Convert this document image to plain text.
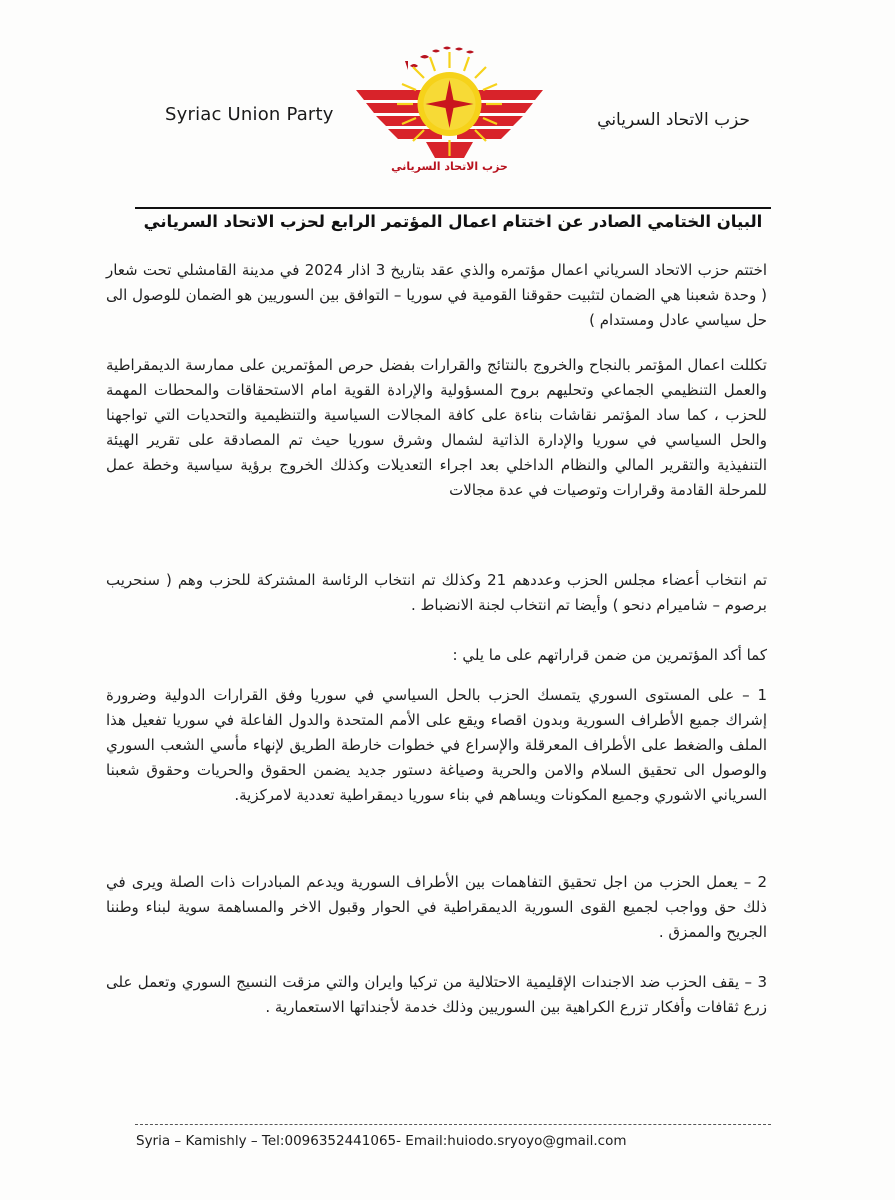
Syriac Union Party
حزب الاتحاد السرياني
حزب الاتحاد السرياني
البيان الختامي الصادر عن اختتام اعمال المؤتمر الرابع لحزب الاتحاد السرياني

اختتم حزب الاتحاد السرياني اعمال مؤتمره والذي عقد بتاريخ 3 اذار 2024 في مدينة القامشلي تحت شعار ( وحدة شعبنا هي الضمان لتثبيت حقوقنا القومية في سوريا – التوافق بين السوريين هو الضمان للوصول الى حل سياسي عادل ومستدام )

تكللت اعمال المؤتمر بالنجاح والخروج بالنتائج والقرارات بفضل حرص المؤتمرين على ممارسة الديمقراطية والعمل التنظيمي الجماعي وتحليهم بروح المسؤولية والإرادة القوية امام الاستحقاقات والمحطات المهمة للحزب ، كما ساد المؤتمر نقاشات بناءة على كافة المجالات السياسية والتنظيمية والتحديات التي تواجهنا والحل السياسي في سوريا والإدارة الذاتية لشمال وشرق سوريا حيث تم المصادقة على تقرير الهيئة التنفيذية والتقرير المالي والنظام الداخلي بعد اجراء التعديلات وكذلك الخروج برؤية سياسية وخطة عمل للمرحلة القادمة وقرارات وتوصيات في عدة مجالات

تم انتخاب أعضاء مجلس الحزب وعددهم 21 وكذلك تم انتخاب الرئاسة المشتركة للحزب وهم ( سنحريب برصوم – شاميرام دنحو ) وأيضا تم انتخاب لجنة الانضباط .

كما أكد المؤتمرين من ضمن قراراتهم على ما يلي :

1 – على المستوى السوري يتمسك الحزب بالحل السياسي في سوريا وفق القرارات الدولية وضرورة إشراك جميع الأطراف السورية وبدون اقصاء ويقع على الأمم المتحدة والدول الفاعلة في سوريا تفعيل هذا الملف والضغط على الأطراف المعرقلة والإسراع في خطوات خارطة الطريق لإنهاء مأسي الشعب السوري والوصول الى تحقيق السلام والامن والحرية وصياغة دستور جديد يضمن الحقوق والحريات وحقوق شعبنا السرياني الاشوري وجميع المكونات ويساهم في بناء سوريا ديمقراطية تعددية لامركزية.

2 – يعمل الحزب من اجل تحقيق التفاهمات بين الأطراف السورية ويدعم المبادرات ذات الصلة ويرى في ذلك حق وواجب لجميع القوى السورية الديمقراطية في الحوار وقبول الاخر والمساهمة سوية لبناء وطننا الجريح والممزق .

3 – يقف الحزب ضد الاجندات الإقليمية الاحتلالية من تركيا وايران والتي مزقت النسيج السوري وتعمل على زرع ثقافات وأفكار تزرع الكراهية بين السوريين وذلك خدمة لأجنداتها الاستعمارية .

Syria – Kamishly – Tel:0096352441065- Email:huiodo.sryoyo@gmail.com
